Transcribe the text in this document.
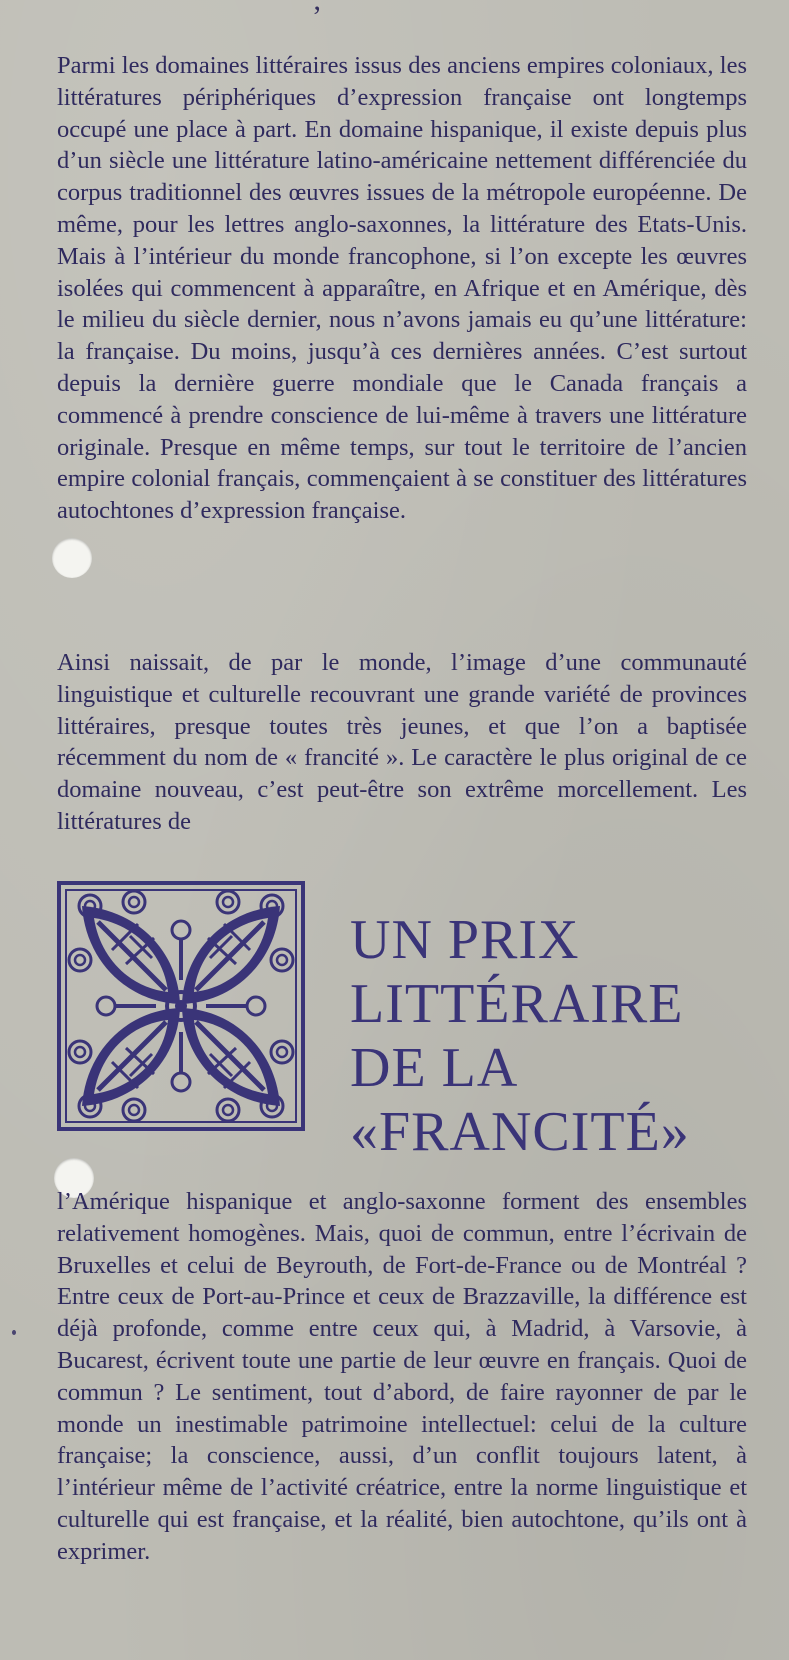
’

Parmi les domaines littéraires issus des anciens empires coloniaux, les littératures périphériques d’expression française ont longtemps occupé une place à part. En domaine hispanique, il existe depuis plus d’un siècle une littérature latino-américaine nettement différenciée du corpus traditionnel des œuvres issues de la métropole européenne. De même, pour les lettres anglo-saxonnes, la littérature des Etats-Unis. Mais à l’intérieur du monde francophone, si l’on excepte les œuvres isolées qui commencent à apparaître, en Afrique et en Amérique, dès le milieu du siècle dernier, nous n’avons jamais eu qu’une littérature: la française. Du moins, jusqu’à ces dernières années. C’est surtout depuis la dernière guerre mondiale que le Canada français a commencé à prendre conscience de lui-même à travers une littérature originale. Presque en même temps, sur tout le territoire de l’ancien empire colonial français, commençaient à se constituer des littératures autochtones d’expression française.

Ainsi naissait, de par le monde, l’image d’une communauté linguistique et culturelle recouvrant une grande variété de provinces littéraires, presque toutes très jeunes, et que l’on a baptisée récemment du nom de « francité ». Le caractère le plus original de ce domaine nouveau, c’est peut-être son extrême morcellement. Les littératures de

UN PRIX
LITTÉRAIRE
DE LA
«FRANCITÉ»

l’Amérique hispanique et anglo-saxonne forment des ensembles relativement homogènes. Mais, quoi de commun, entre l’écrivain de Bruxelles et celui de Beyrouth, de Fort-de-France ou de Montréal ? Entre ceux de Port-au-Prince et ceux de Brazzaville, la différence est déjà profonde, comme entre ceux qui, à Madrid, à Varsovie, à Bucarest, écrivent toute une partie de leur œuvre en français. Quoi de commun ? Le sentiment, tout d’abord, de faire rayonner de par le monde un inestimable patrimoine intellectuel: celui de la culture française; la conscience, aussi, d’un conflit toujours latent, à l’intérieur même de l’activité créatrice, entre la norme linguistique et culturelle qui est française, et la réalité, bien autochtone, qu’ils ont à exprimer.
